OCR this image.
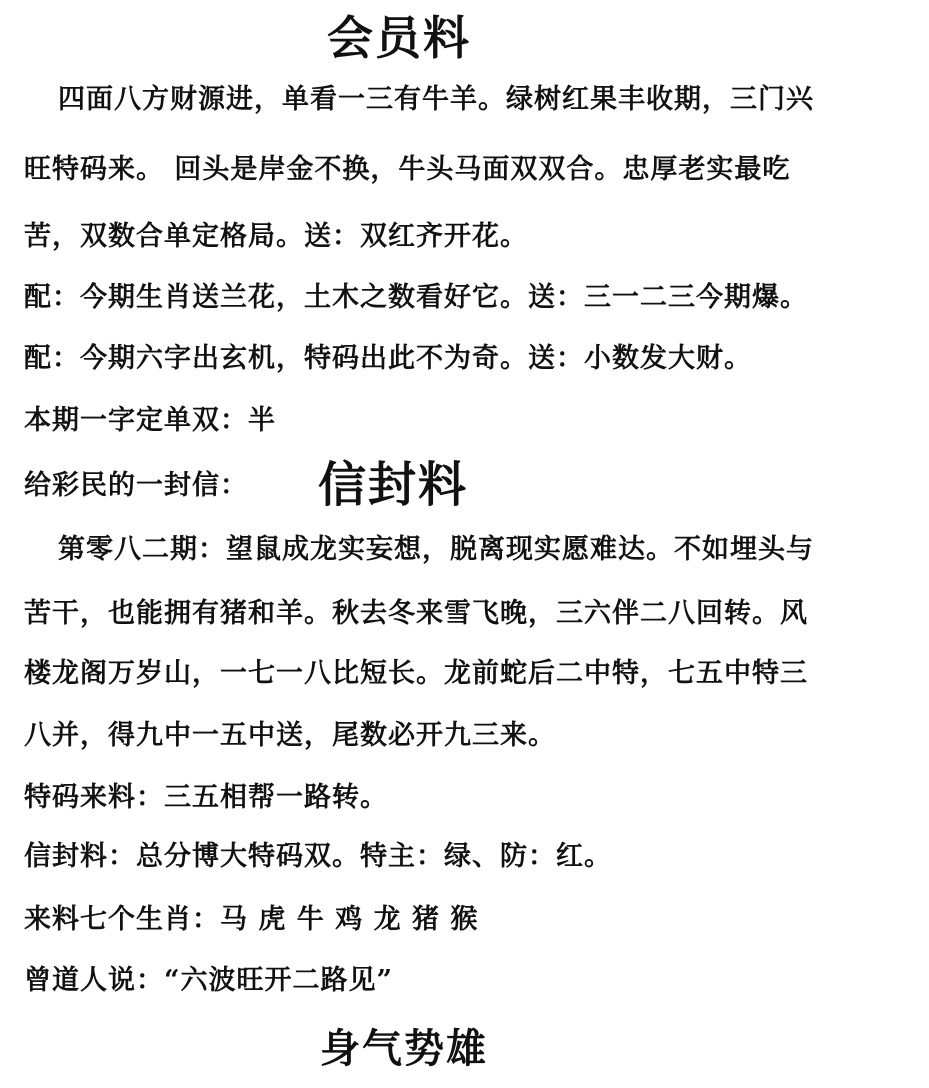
会员料
四面八方财源进，单看一三有牛羊。绿树红果丰收期，三门兴
旺特码来。 回头是岸金不换，牛头马面双双合。忠厚老实最吃
苦，双数合单定格局。送：双红齐开花。
配：今期生肖送兰花，土木之数看好它。送：三一二三今期爆。
配：今期六字出玄机，特码出此不为奇。送：小数发大财。
本期一字定单双：半
给彩民的一封信： 信封料
第零八二期：望鼠成龙实妄想，脱离现实愿难达。不如埋头与
苦干，也能拥有猪和羊。秋去冬来雪飞晚，三六伴二八回转。风
楼龙阁万岁山，一七一八比短长。龙前蛇后二中特，七五中特三
八并，得九中一五中送，尾数必开九三来。
特码来料：三五相帮一路转。
信封料：总分博大特码双。特主：绿、防：红。
来料七个生肖：马 虎 牛 鸡 龙 猪 猴
曾道人说：“六波旺开二路见”
身气势雄
